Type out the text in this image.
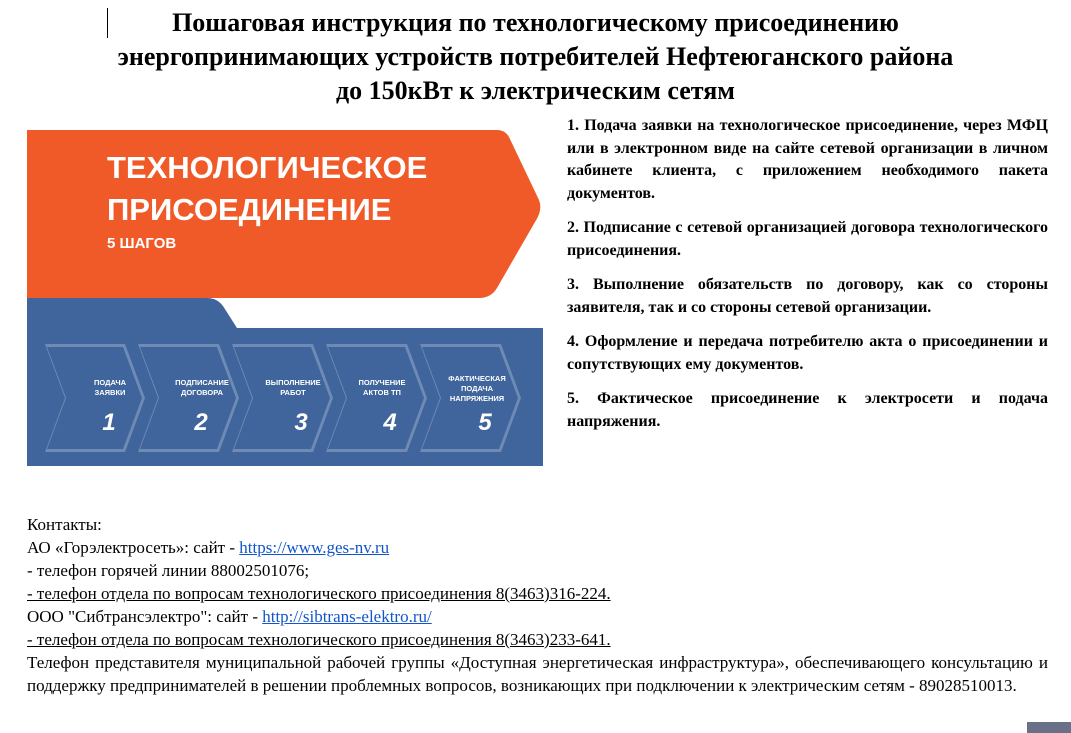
Пошаговая инструкция по технологическому присоединению
энергопринимающих устройств потребителей Нефтеюганского района
до 150кВт к электрическим сетям
ТЕХНОЛОГИЧЕСКОЕ
ПРИСОЕДИНЕНИЕ
5 ШАГОВ
ПОДАЧА
ЗАЯВКИ
1
ПОДПИСАНИЕ
ДОГОВОРА
2
ВЫПОЛНЕНИЕ
РАБОТ
3
ПОЛУЧЕНИЕ
АКТОВ ТП
4
ФАКТИЧЕСКАЯ
ПОДАЧА
НАПРЯЖЕНИЯ
5

1. Подача заявки на технологическое присоединение, через МФЦ или в электронном виде на сайте сетевой организации в личном кабинете клиента, с приложением необходимого пакета документов.

2. Подписание с сетевой организацией договора технологического присоединения.

3. Выполнение обязательств по договору, как со стороны заявителя, так и со стороны сетевой организации.

4. Оформление и передача потребителю акта о присоединении и сопутствующих ему документов.

5. Фактическое присоединение к электросети и подача напряжения.

Контакты:
АО «Горэлектросеть»: сайт - https://www.ges-nv.ru
- телефон горячей линии 88002501076;
- телефон отдела по вопросам технологического присоединения 8(3463)316-224.
ООО "Сибтрансэлектро": сайт - http://sibtrans-elektro.ru/
- телефон отдела по вопросам технологического присоединения 8(3463)233-641.
Телефон представителя муниципальной рабочей группы «Доступная энергетическая инфраструктура», обеспечивающего консультацию и поддержку предпринимателей в решении проблемных вопросов, возникающих при подключении к электрическим сетям - 89028510013.
